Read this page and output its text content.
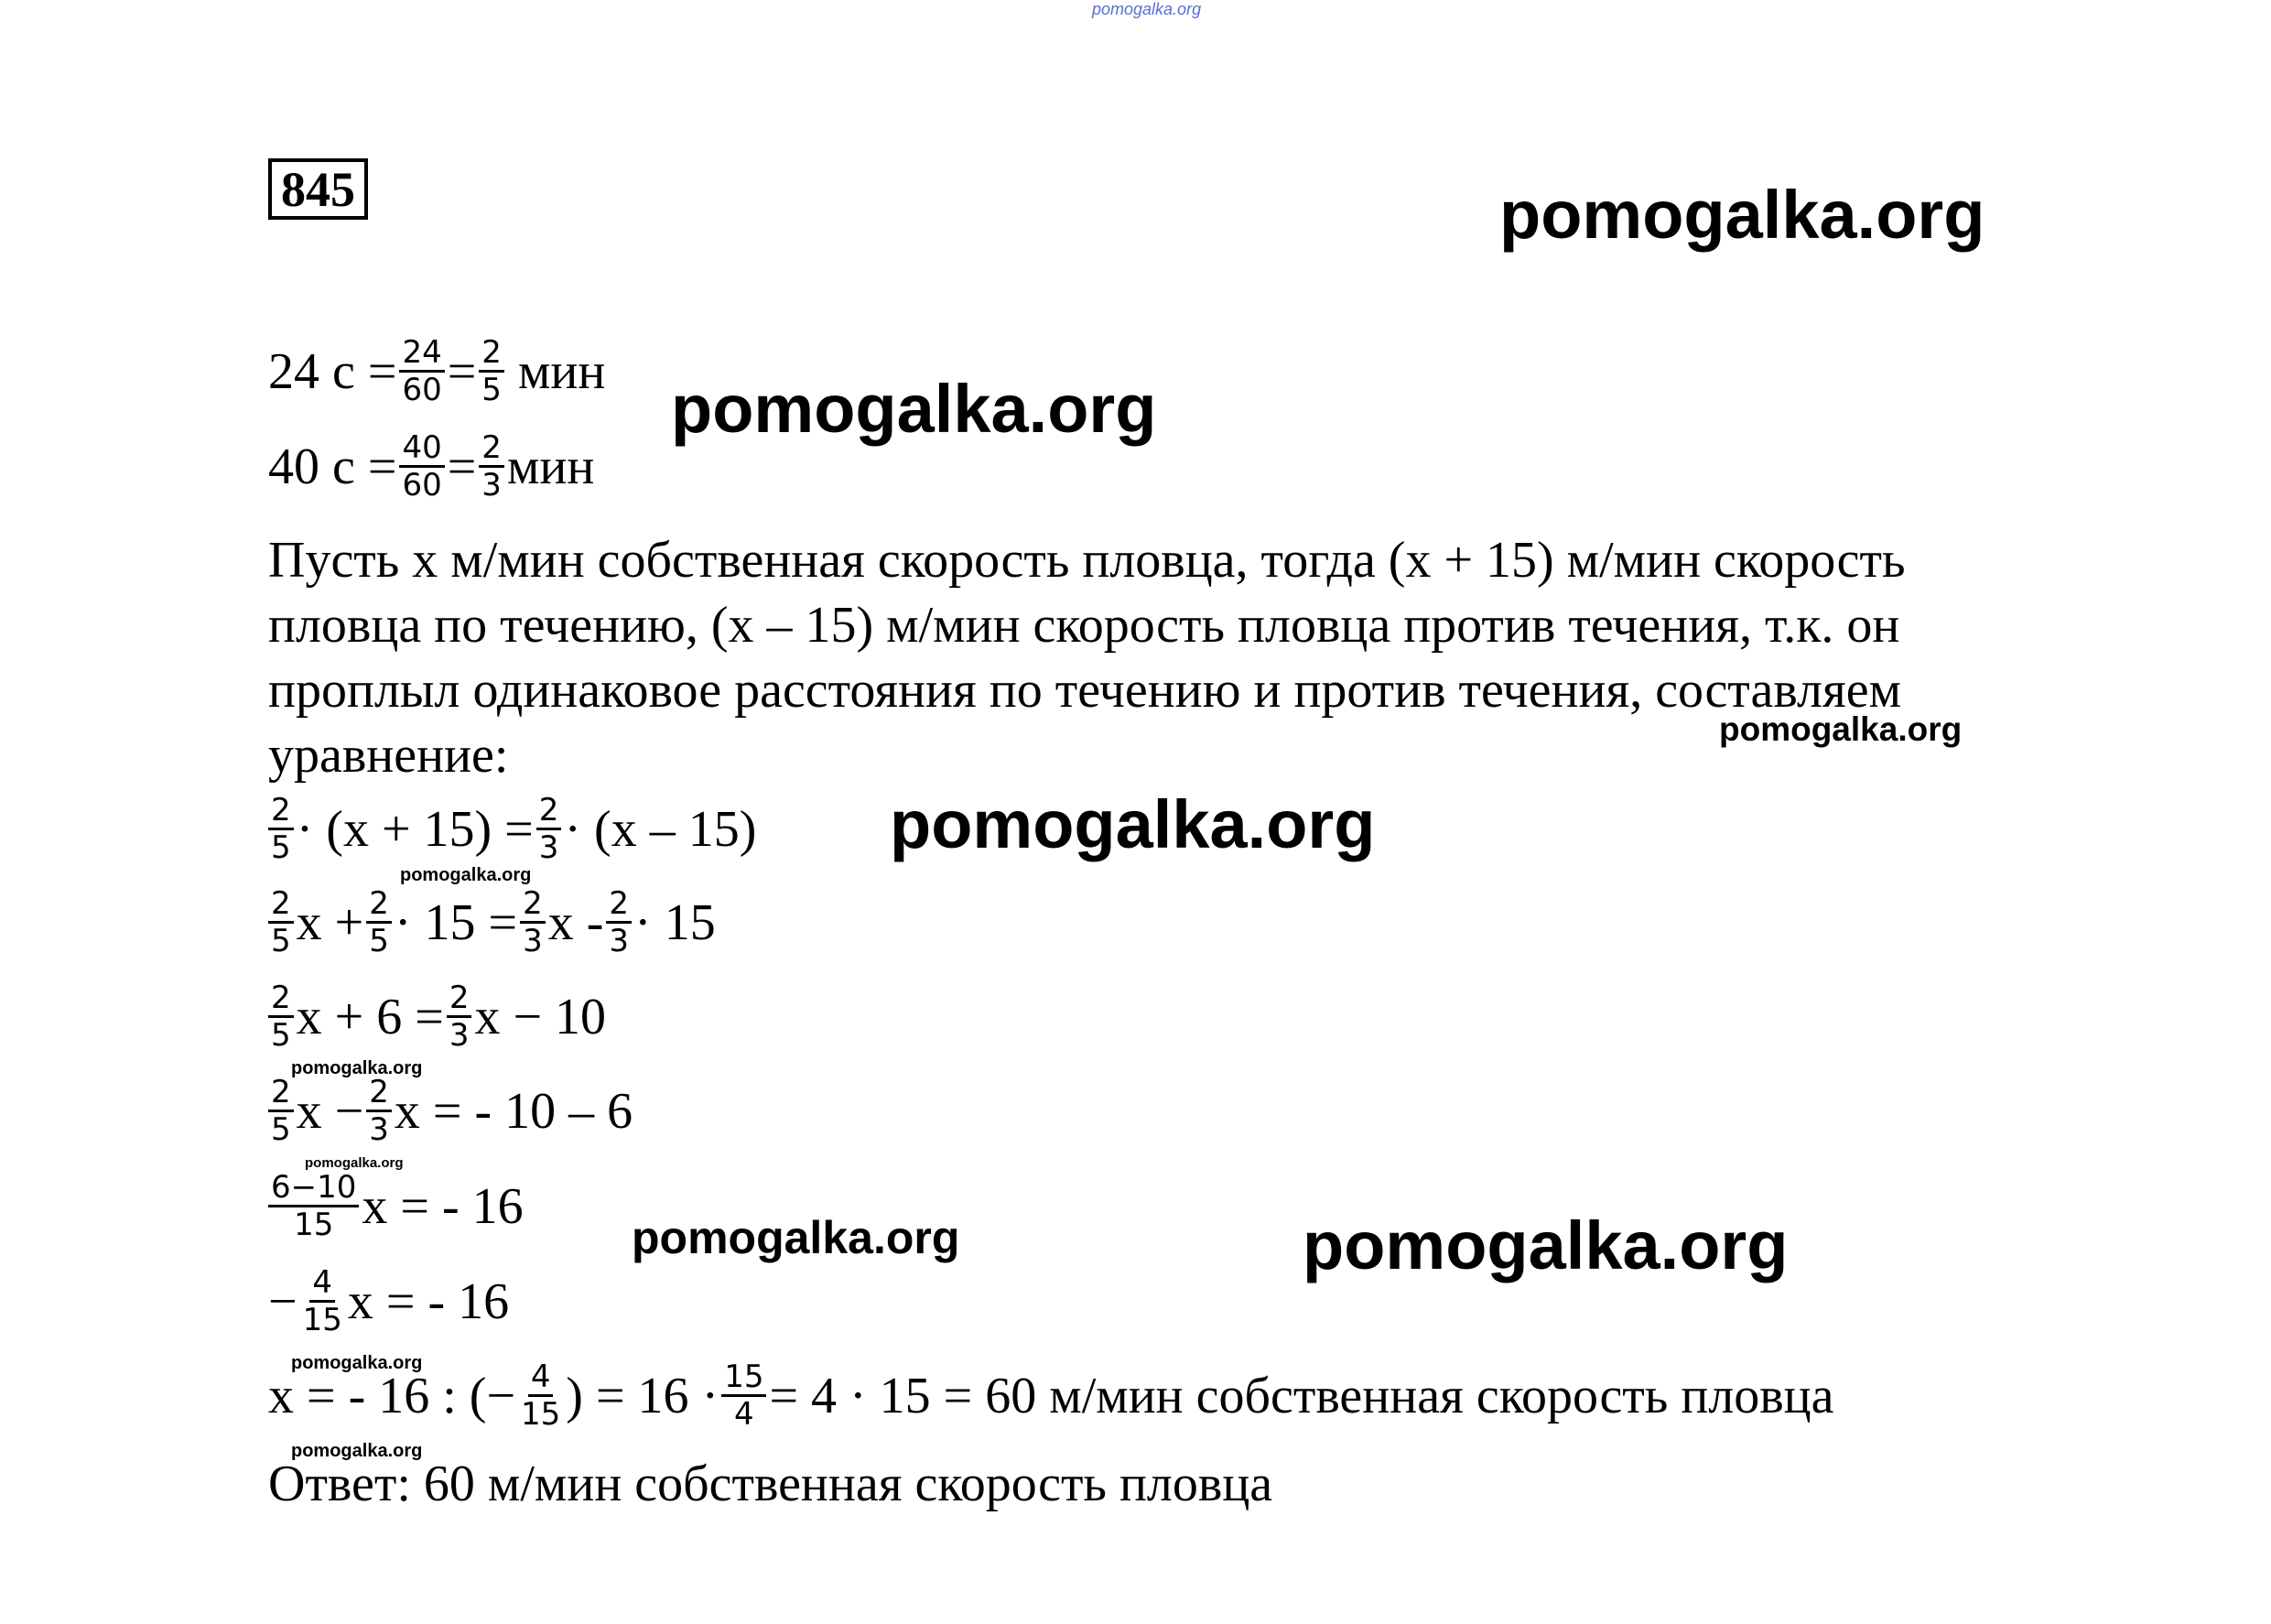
pomogalka.org
845	pomogalka.org
24 $с = \frac{24}{60} = \frac{2}{5}$ мин pomogalka.org
40 $с = \frac{40}{60} = \frac{2}{3}$ мин
Пусть х м/мин собственная скорость пловца, тогда (х + 15) м/мин скорость
пловца по течению, (х – 15) м/мин скорость пловца против течения, т.к. он
проплыл одинаковое расстояния по течению и против течения, составляем
уравнение:	pomogalka.org
$\frac{2}{5} \cdot (х + 15) = \frac{2}{3} \cdot (х - 15)$ pomogalka.org
pomogalka.org
$\frac{2}{5}$ $х + \frac{2}{5} \cdot 15 = \frac{2}{3}$ $х - \frac{2}{3} \cdot 15$
$\frac{2}{5}$ $х + 6 = \frac{2}{3}$ х − 10
pomogalka.org
$\frac{2}{5}$ $х - \frac{2}{3}$ х = - 10 – 6
pomogalka.org
$\frac{6-10}{15}$ х = - 16
pomogalka.org	pomogalka.org
− $\frac{4}{15}$ х = - 16
pomogalka.org
х = - 16 : (− $\frac{4}{15}$ ) = $16 \cdot \frac{15}{4} = 4 \cdot 15 = 60$ м/мин собственная скорость пловца
pomogalka.org
Ответ: 60 м/мин собственная скорость пловца
